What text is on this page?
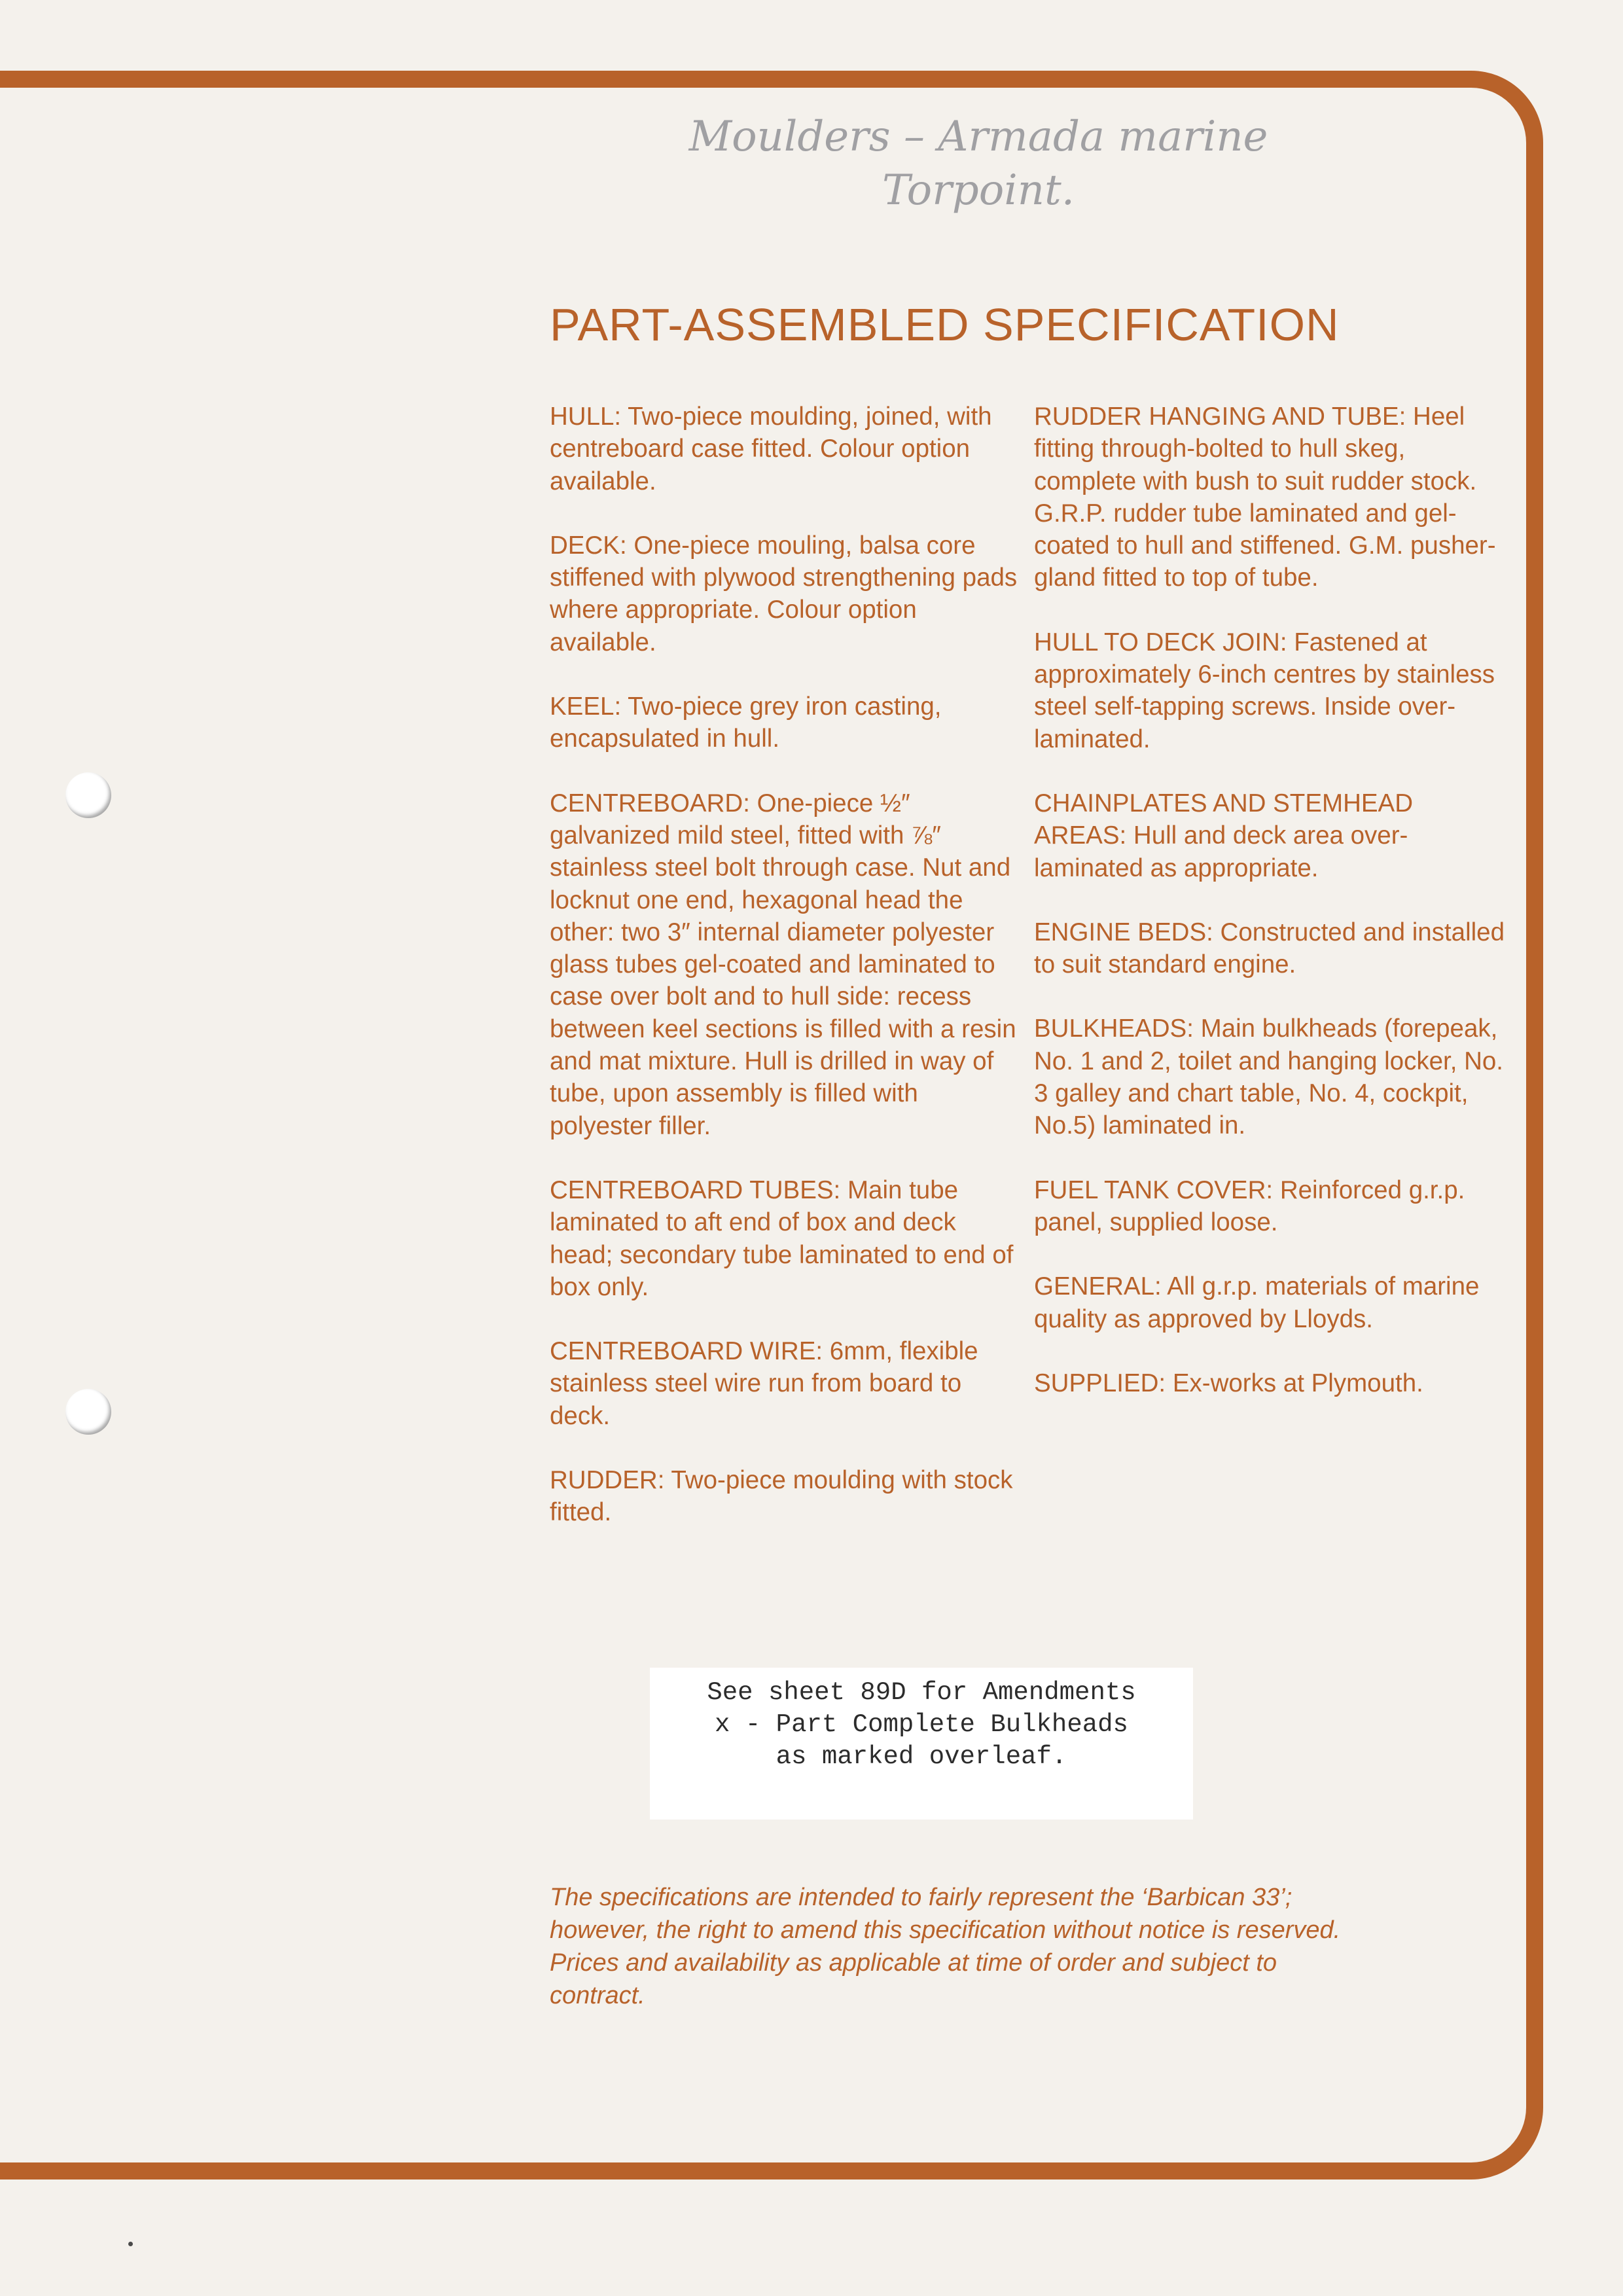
Moulders – Armada marine
Torpoint.
PART-ASSEMBLED SPECIFICATION

HULL: Two-piece moulding, joined, with centreboard case fitted. Colour option available.

DECK: One-piece mouling, balsa core stiffened with plywood strengthening pads where appropriate. Colour option available.

KEEL: Two-piece grey iron casting, encapsulated in hull.

CENTREBOARD: One-piece ½″ galvanized mild steel, fitted with ⅞″ stainless steel bolt through case. Nut and locknut one end, hexagonal head the other: two 3″ internal diameter polyester glass tubes gel-coated and laminated to case over bolt and to hull side: recess between keel sections is filled with a resin and mat mixture. Hull is drilled in way of tube, upon assembly is filled with polyester filler.

CENTREBOARD TUBES: Main tube laminated to aft end of box and deck head; secondary tube laminated to end of box only.

CENTREBOARD WIRE: 6mm, flexible stainless steel wire run from board to deck.

RUDDER: Two-piece moulding with stock fitted.

RUDDER HANGING AND TUBE: Heel fitting through-bolted to hull skeg, complete with bush to suit rudder stock. G.R.P. rudder tube laminated and gel-coated to hull and stiffened. G.M. pusher-gland fitted to top of tube.

HULL TO DECK JOIN: Fastened at approximately 6-inch centres by stainless steel self-tapping screws. Inside over-laminated.

CHAINPLATES AND STEMHEAD AREAS: Hull and deck area over-laminated as appropriate.

ENGINE BEDS: Constructed and installed to suit standard engine.

BULKHEADS: Main bulkheads (forepeak, No. 1 and 2, toilet and hanging locker, No. 3 galley and chart table, No. 4, cockpit, No.5) laminated in.

FUEL TANK COVER: Reinforced g.r.p. panel, supplied loose.

GENERAL: All g.r.p. materials of marine quality as approved by Lloyds.

SUPPLIED: Ex-works at Plymouth.

See sheet 89D for Amendments

x - Part Complete Bulkheads

as marked overleaf.

The specifications are intended to fairly represent the ‘Barbican 33’;

however, the right to amend this specification without notice is reserved.

Prices and availability as applicable at time of order and subject to

contract.
